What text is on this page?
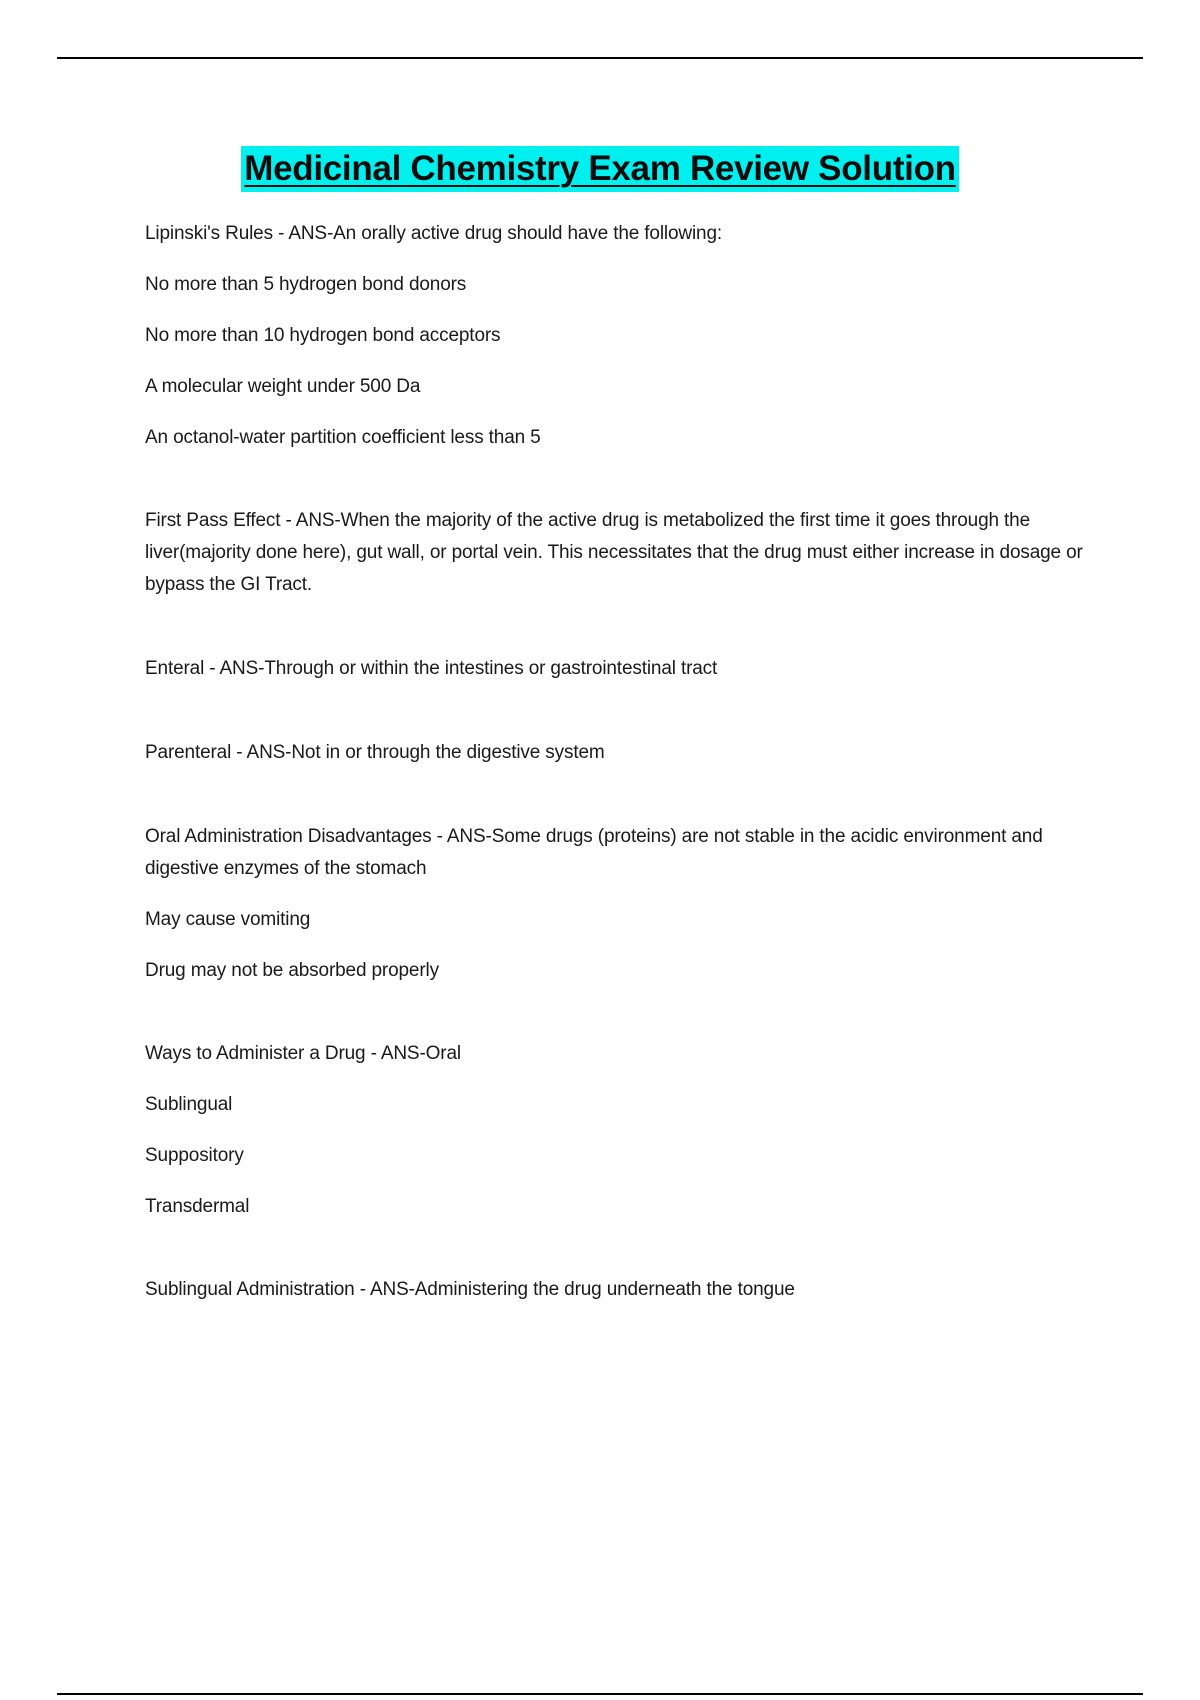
Medicinal Chemistry Exam Review Solution

Lipinski's Rules - ANS-An orally active drug should have the following:

No more than 5 hydrogen bond donors

No more than 10 hydrogen bond acceptors

A molecular weight under 500 Da

An octanol-water partition coefficient less than 5

First Pass Effect - ANS-When the majority of the active drug is metabolized the first time it goes through the liver(majority done here), gut wall, or portal vein. This necessitates that the drug must either increase in dosage or bypass the GI Tract.

Enteral - ANS-Through or within the intestines or gastrointestinal tract

Parenteral - ANS-Not in or through the digestive system

Oral Administration Disadvantages - ANS-Some drugs (proteins) are not stable in the acidic environment and digestive enzymes of the stomach

May cause vomiting

Drug may not be absorbed properly

Ways to Administer a Drug - ANS-Oral

Sublingual

Suppository

Transdermal

Sublingual Administration - ANS-Administering the drug underneath the tongue
